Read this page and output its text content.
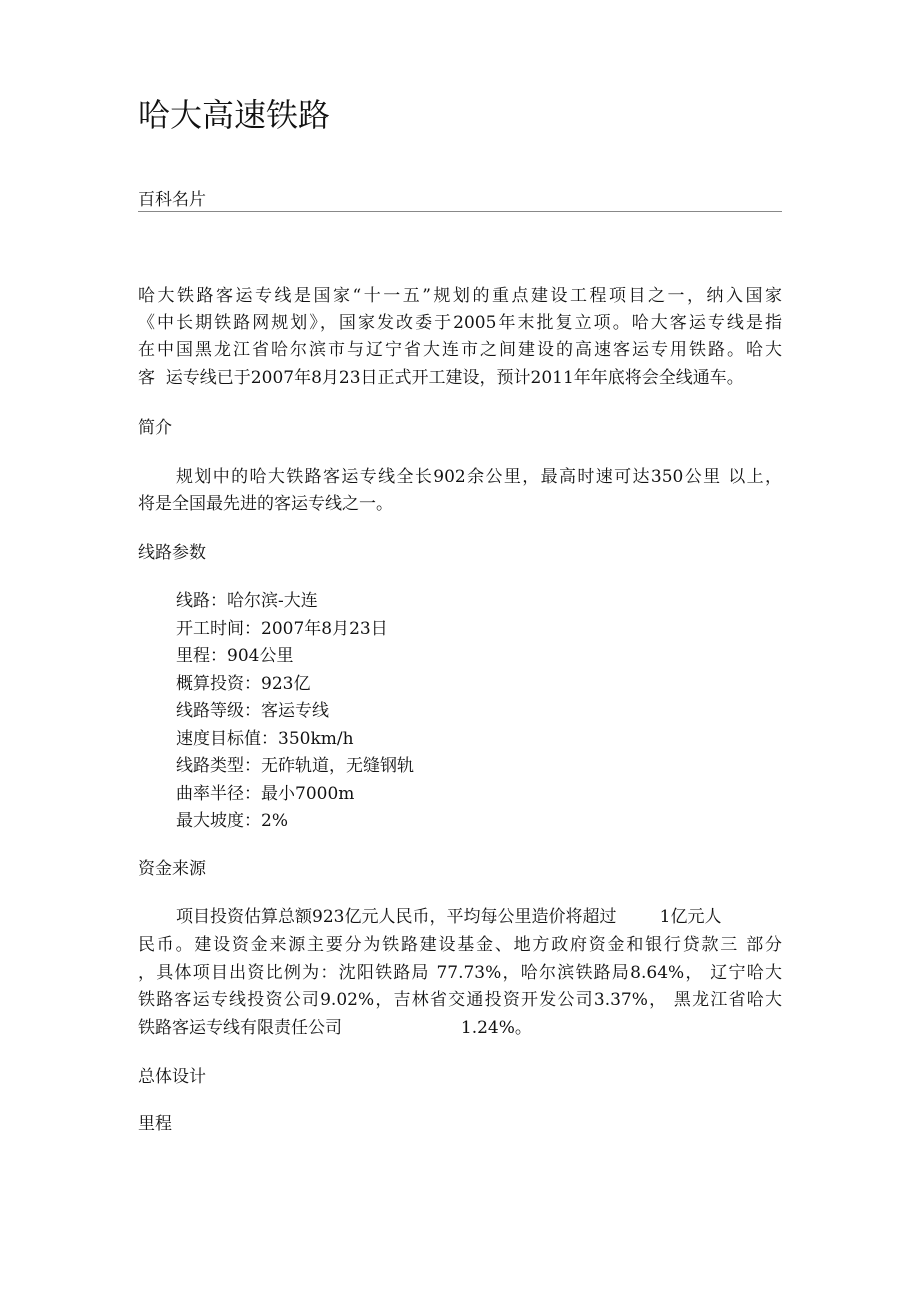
哈大高速铁路
百科名片
哈大铁路客运专线是国家“十一五”规划的重点建设工程项目之一，纳入国家
《中长期铁路网规划》，国家发改委于2005年末批复立项。哈大客运专线是指
在中国黑龙江省哈尔滨市与辽宁省大连市之间建设的高速客运专用铁路。哈大
客  运专线已于2007年8月23日正式开工建设，预计2011年年底将会全线通车。
简介
规划中的哈大铁路客运专线全长902余公里，最高时速可达350公里 以上，
将是全国最先进的客运专线之一。
线路参数
线路：哈尔滨-大连
开工时间：2007年8月23日
里程：904公里
概算投资：923亿
线路等级：客运专线
速度目标值：350km/h
线路类型：无砟轨道，无缝钢轨
曲率半径：最小7000m
最大坡度：2%
资金来源
项目投资估算总额923亿元人民币，平均每公里造价将超过        1亿元人
民币。建设资金来源主要分为铁路建设基金、地方政府资金和银行贷款三 部分
，具体项目出资比例为：沈阳铁路局 77.73%，哈尔滨铁路局8.64%， 辽宁哈大
铁路客运专线投资公司9.02%，吉林省交通投资开发公司3.37%， 黑龙江省哈大
铁路客运专线有限责任公司                      1.24%。
总体设计
里程
